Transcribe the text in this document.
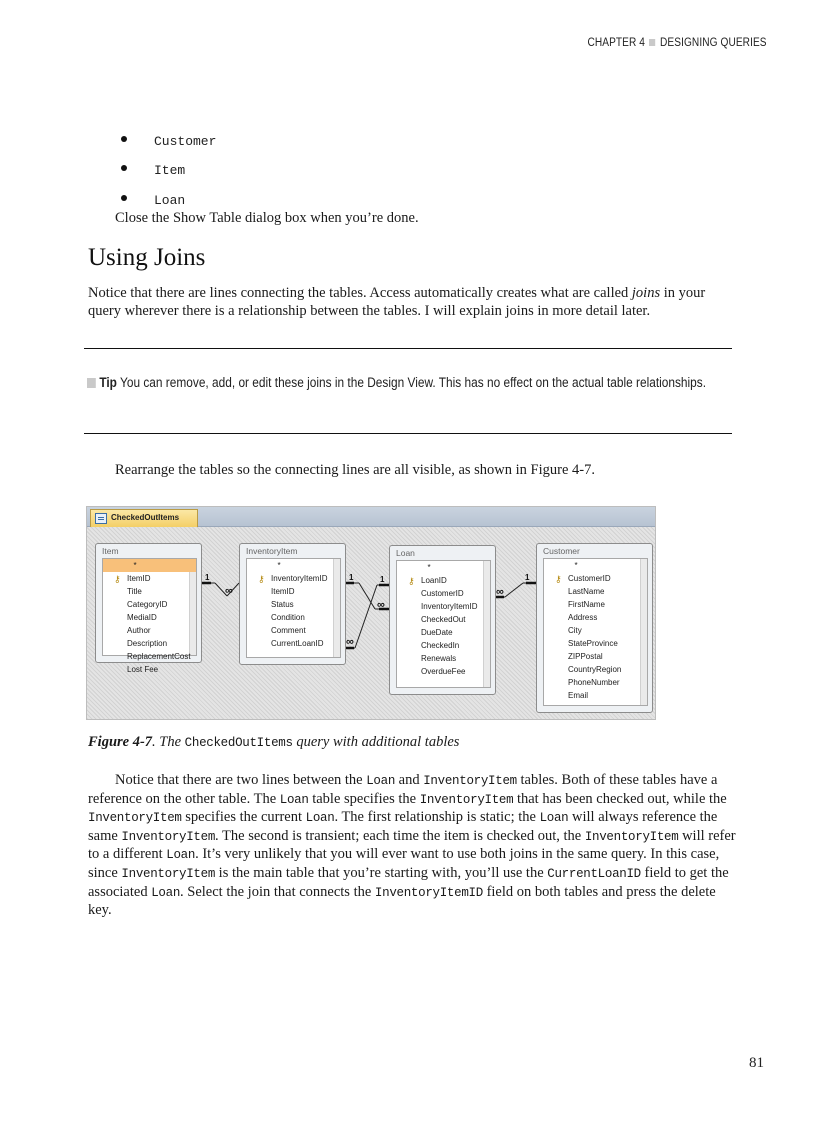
CHAPTER 4 DESIGNING QUERIES
Customer
Item
Loan

Close the Show Table dialog box when you’re done.

Using Joins

Notice that there are lines connecting the tables. Access automatically creates what are called joins in your query wherever there is a relationship between the tables. I will explain joins in more detail later.

Tip You can remove, add, or edit these joins in the Design View. This has no effect on the actual table relationships.

Rearrange the tables so the connecting lines are all visible, as shown in Figure 4-7.

CheckedOutItems
1
∞
1	1
∞
∞
∞
1
Item
*
⚷ ItemID
Title
CategoryID
MediaID
Author
Description
ReplacementCost
Lost Fee
InventoryItem
*
⚷ InventoryItemID
ItemID
Status
Condition
Comment
CurrentLoanID
Loan
*
⚷ LoanID
CustomerID
InventoryItemID
CheckedOut
DueDate
CheckedIn
Renewals
OverdueFee
Customer
*
⚷ CustomerID
LastName
FirstName
Address
City
StateProvince
ZIPPostal
CountryRegion
PhoneNumber
Email

Figure 4-7. The CheckedOutItems query with additional tables

Notice that there are two lines between the Loan and InventoryItem tables. Both of these tables have a reference on the other table. The Loan table specifies the InventoryItem that has been checked out, while the InventoryItem specifies the current Loan. The first relationship is static; the Loan will always reference the same InventoryItem. The second is transient; each time the item is checked out, the InventoryItem will refer to a different Loan. It’s very unlikely that you will ever want to use both joins in the same query. In this case, since InventoryItem is the main table that you’re starting with, you’ll use the CurrentLoanID field to get the associated Loan. Select the join that connects the InventoryItemID field on both tables and press the delete key.

81
